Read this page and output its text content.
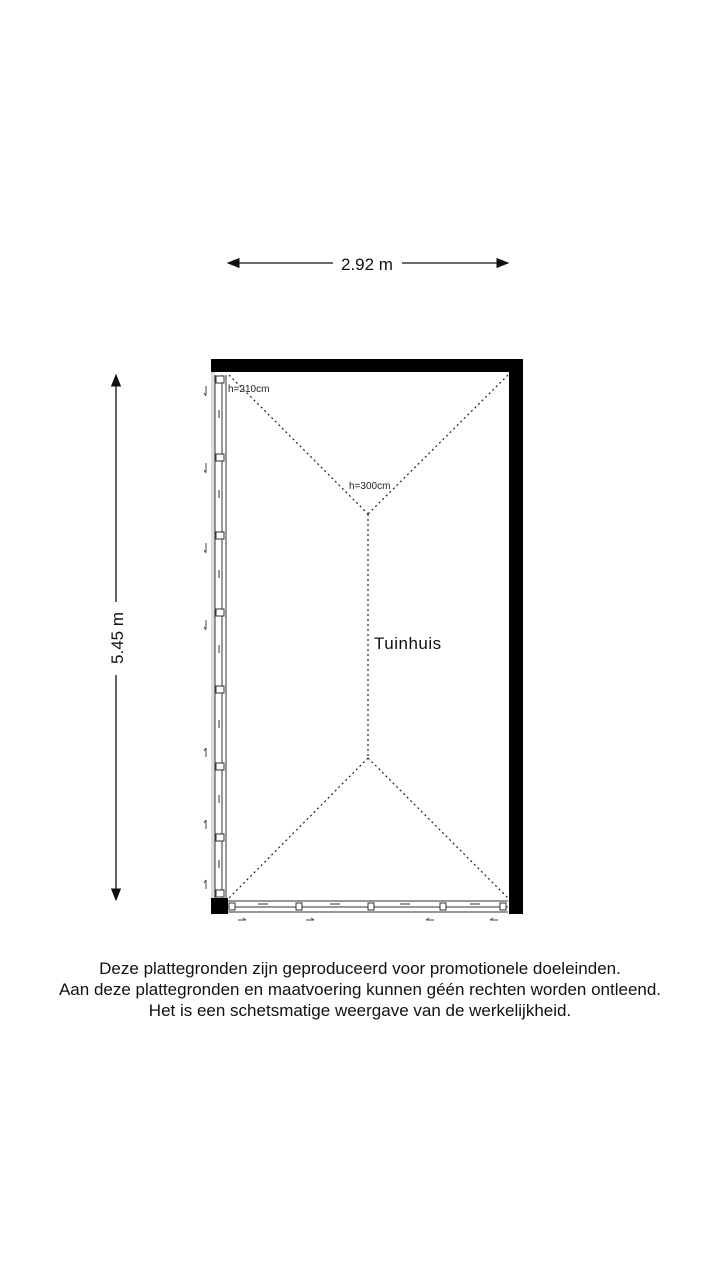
2.92 m
5.45 m
h=210cm
h=300cm
Tuinhuis
Deze plattegronden zijn geproduceerd voor promotionele doeleinden.
Aan deze plattegronden en maatvoering kunnen géén rechten worden ontleend.
Het is een schetsmatige weergave van de werkelijkheid.
